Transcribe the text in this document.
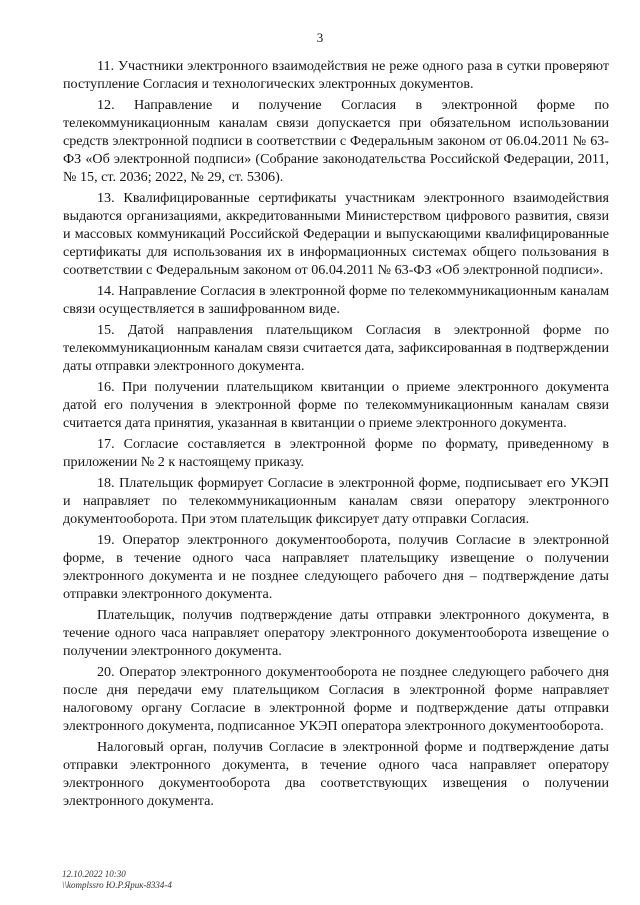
3

11. Участники электронного взаимодействия не реже одного раза в сутки проверяют поступление Согласия и технологических электронных документов.

12. Направление и получение Согласия в электронной форме по телекоммуникационным каналам связи допускается при обязательном использовании средств электронной подписи в соответствии с Федеральным законом от 06.04.2011 № 63-ФЗ «Об электронной подписи» (Собрание законодательства Российской Федерации, 2011, № 15, ст. 2036; 2022, № 29, ст. 5306).

13. Квалифицированные сертификаты участникам электронного взаимодействия выдаются организациями, аккредитованными Министерством цифрового развития, связи и массовых коммуникаций Российской Федерации и выпускающими квалифицированные сертификаты для использования их в информационных системах общего пользования в соответствии с Федеральным законом от 06.04.2011 № 63-ФЗ «Об электронной подписи».

14. Направление Согласия в электронной форме по телекоммуникационным каналам связи осуществляется в зашифрованном виде.

15. Датой направления плательщиком Согласия в электронной форме по телекоммуникационным каналам связи считается дата, зафиксированная в подтверждении даты отправки электронного документа.

16. При получении плательщиком квитанции о приеме электронного документа датой его получения в электронной форме по телекоммуникационным каналам связи считается дата принятия, указанная в квитанции о приеме электронного документа.

17. Согласие составляется в электронной форме по формату, приведенному в приложении № 2 к настоящему приказу.

18. Плательщик формирует Согласие в электронной форме, подписывает его УКЭП и направляет по телекоммуникационным каналам связи оператору электронного документооборота. При этом плательщик фиксирует дату отправки Согласия.

19. Оператор электронного документооборота, получив Согласие в электронной форме, в течение одного часа направляет плательщику извещение о получении электронного документа и не позднее следующего рабочего дня – подтверждение даты отправки электронного документа.

Плательщик, получив подтверждение даты отправки электронного документа, в течение одного часа направляет оператору электронного документооборота извещение о получении электронного документа.

20. Оператор электронного документооборота не позднее следующего рабочего дня после дня передачи ему плательщиком Согласия в электронной форме направляет налоговому органу Согласие в электронной форме и подтверждение даты отправки электронного документа, подписанное УКЭП оператора электронного документооборота.

Налоговый орган, получив Согласие в электронной форме и подтверждение даты отправки электронного документа, в течение одного часа направляет оператору электронного документооборота два соответствующих извещения о получении электронного документа.

12.10.2022 10:30
\\komplssro Ю.Р.Ярик-8334-4
